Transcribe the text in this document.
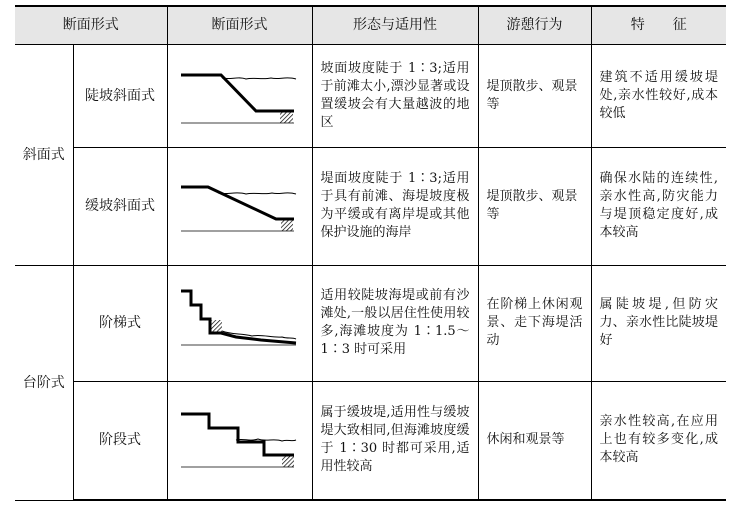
断面形式		断面形式	形态与适用性	游憩行为	特　　征
斜面式	陡坡斜面式		坡面坡度陡于 1∶3;适用于前滩太小,漂沙显著或设置缓坡会有大量越波的地区	堤顶散步、观景等	建筑不适用缓坡堤处,亲水性较好,成本较低
	缓坡斜面式		堤面坡度陡于 1∶3;适用于具有前滩、海堤坡度极为平缓或有离岸堤或其他保护设施的海岸	堤顶散步、观景等	确保水陆的连续性,亲水性高,防灾能力与堤顶稳定度好,成本较高
台阶式	阶梯式		适用较陡坡海堤或前有沙滩处,一般以居住性使用较多,海滩坡度为 1∶1.5～1∶3 时可采用	在阶梯上休闲观景、走下海堤活动	属陡坡堤,但防灾力、亲水性比陡坡堤好
	阶段式		属于缓坡堤,适用性与缓坡堤大致相同,但海滩坡度缓于 1∶30 时都可采用,适用性较高	休闲和观景等	亲水性较高,在应用上也有较多变化,成本较高
